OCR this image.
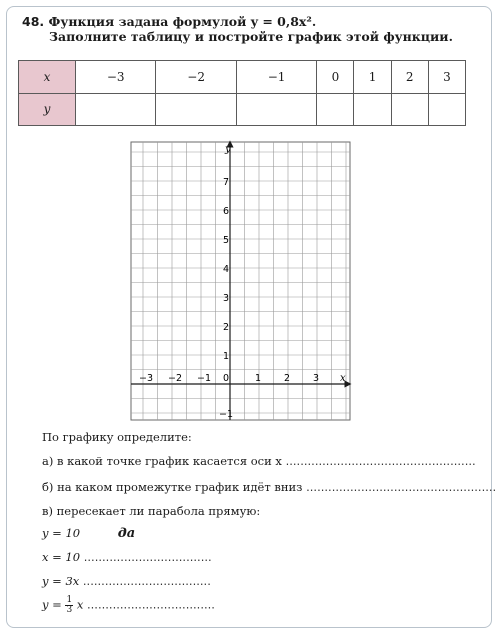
48. Функция задана формулой y = 0,8x².
Заполните таблицу и постройте график этой функции.
x	−3	−2	−1	0	1	2	3
y							
−3 −2 −1 0	1 2 3
7
6
5
4
3
2
1
−1
x
y
По графику определите:
а) в какой точке график касается оси x ....................................................
б) на каком промежутке график идёт вниз ....................................................
в) пересекает ли парабола прямую:
y = 10	да
x = 10 ...................................
y = 3x ...................................
$y = \frac{1}{3}$ x ...................................
